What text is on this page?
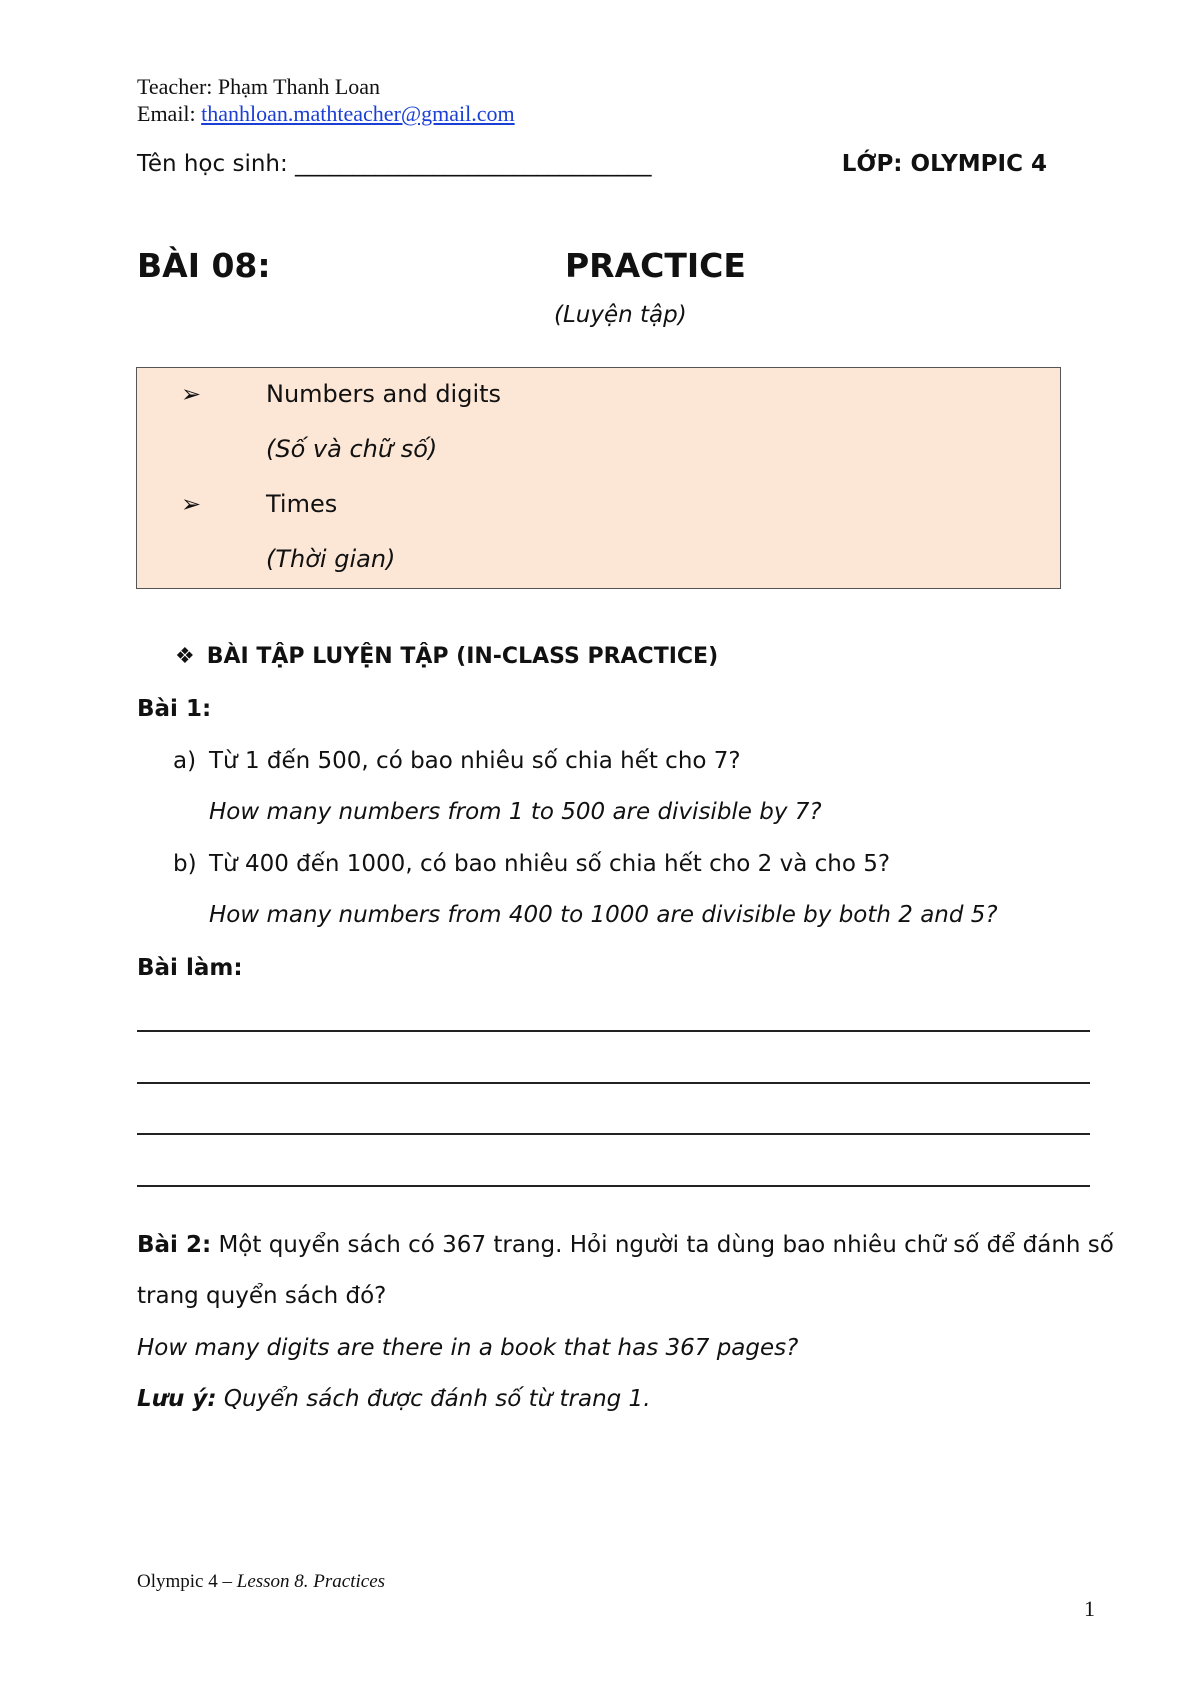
Teacher: Phạm Thanh Loan
Email: thanhloan.mathteacher@gmail.com
Tên học sinh: _______________________________	LỚP: OLYMPIC 4
BÀI 08:	PRACTICE
(Luyện tập)
➢	Numbers and digits
(Số và chữ số)
➢	Times
(Thời gian)
❖ BÀI TẬP LUYỆN TẬP (IN-CLASS PRACTICE)
Bài 1:
a) Từ 1 đến 500, có bao nhiêu số chia hết cho 7?
How many numbers from 1 to 500 are divisible by 7?
b) Từ 400 đến 1000, có bao nhiêu số chia hết cho 2 và cho 5?
How many numbers from 400 to 1000 are divisible by both 2 and 5?
Bài làm:
Bài 2: Một quyển sách có 367 trang. Hỏi người ta dùng bao nhiêu chữ số để đánh số
trang quyển sách đó?
How many digits are there in a book that has 367 pages?
Lưu ý: Quyển sách được đánh số từ trang 1.
Olympic 4 – Lesson 8. Practices
1
